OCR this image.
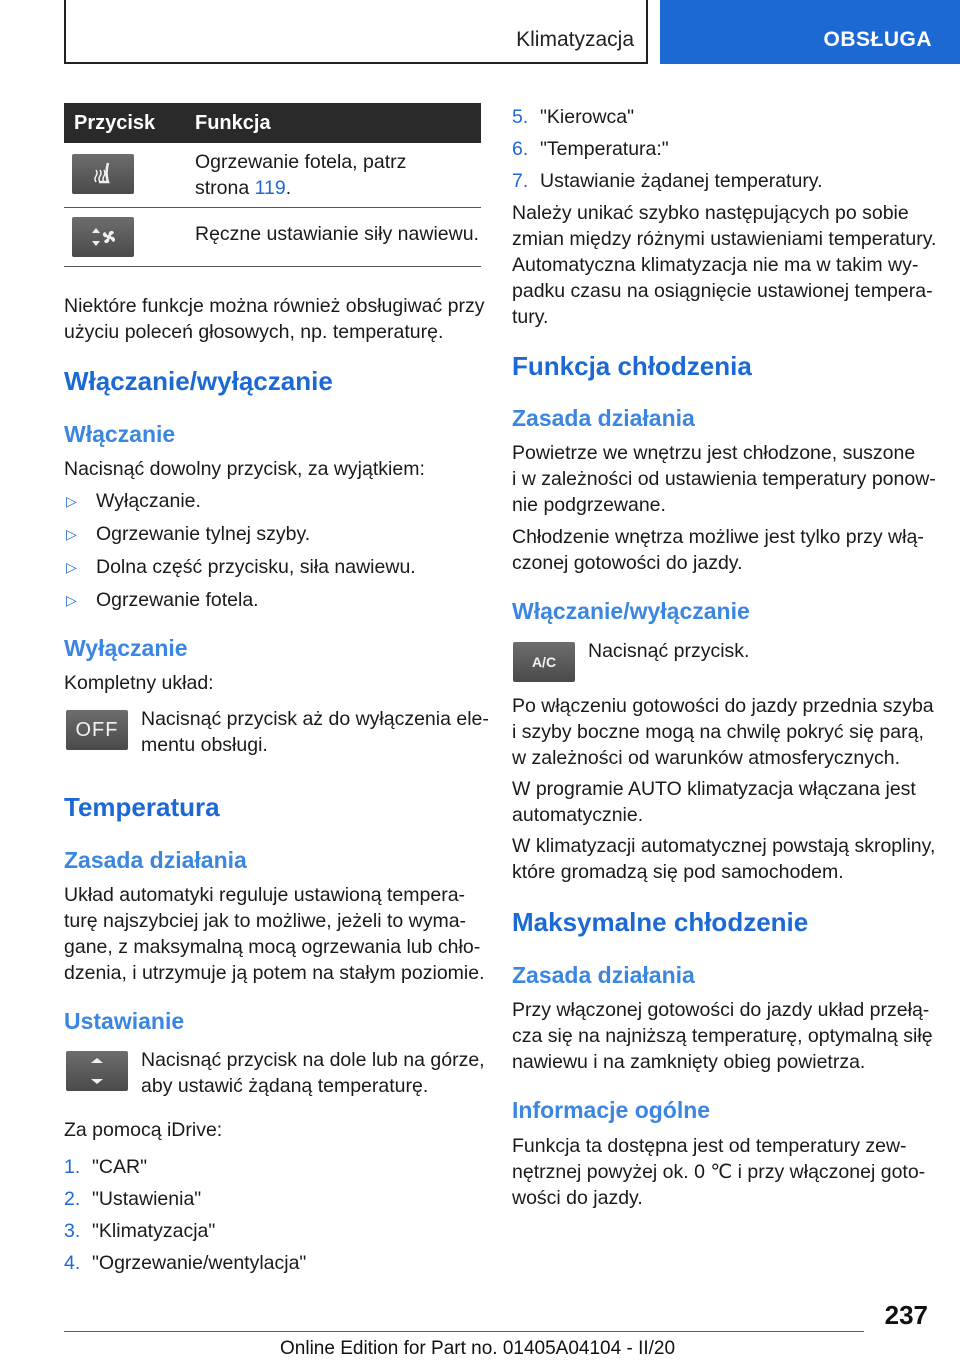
Klimatyzacja	OBSŁUGA
Przycisk Funkcja
Ogrzewanie fotela, patrz
strona 119.
Ręczne ustawianie siły nawiewu.

Niektóre funkcje można również obsługiwać przy

użyciu poleceń głosowych, np. temperaturę.

Włączanie/wyłączanie
Włączanie

Nacisnąć dowolny przycisk, za wyjątkiem:

▷ Wyłączanie.
▷ Ogrzewanie tylnej szyby.
▷ Dolna część przycisku, siła nawiewu.
▷ Ogrzewanie fotela.
Wyłączanie

Kompletny układ:

OFF Nacisnąć przycisk aż do wyłączenia ele-

mentu obsługi.

Temperatura
Zasada działania

Układ automatyki reguluje ustawioną tempera-

turę najszybciej jak to możliwe, jeżeli to wyma-

gane, z maksymalną mocą ogrzewania lub chło-

dzenia, i utrzymuje ją potem na stałym poziomie.

Ustawianie

Nacisnąć przycisk na dole lub na górze,

aby ustawić żądaną temperaturę.

Za pomocą iDrive:

1. "CAR"
2. "Ustawienia"
3. "Klimatyzacja"
4. "Ogrzewanie/wentylacja"
5. "Kierowca"
6. "Temperatura:"
7. Ustawianie żądanej temperatury.

Należy unikać szybko następujących po sobie

zmian między różnymi ustawieniami temperatury.

Automatyczna klimatyzacja nie ma w takim wy-

padku czasu na osiągnięcie ustawionej tempera-

tury.

Funkcja chłodzenia
Zasada działania

Powietrze we wnętrzu jest chłodzone, suszone

i w zależności od ustawienia temperatury ponow-

nie podgrzewane.

Chłodzenie wnętrza możliwe jest tylko przy włą-

czonej gotowości do jazdy.

Włączanie/wyłączanie
A/C Nacisnąć przycisk.

Po włączeniu gotowości do jazdy przednia szyba

i szyby boczne mogą na chwilę pokryć się parą,

w zależności od warunków atmosferycznych.

W programie AUTO klimatyzacja włączana jest

automatycznie.

W klimatyzacji automatycznej powstają skropliny,

które gromadzą się pod samochodem.

Maksymalne chłodzenie
Zasada działania

Przy włączonej gotowości do jazdy układ przełą-

cza się na najniższą temperaturę, optymalną siłę

nawiewu i na zamknięty obieg powietrza.

Informacje ogólne

Funkcja ta dostępna jest od temperatury zew-

nętrznej powyżej ok. 0 ℃ i przy włączonej goto-

wości do jazdy.

237
Online Edition for Part no. 01405A04104 - II/20
